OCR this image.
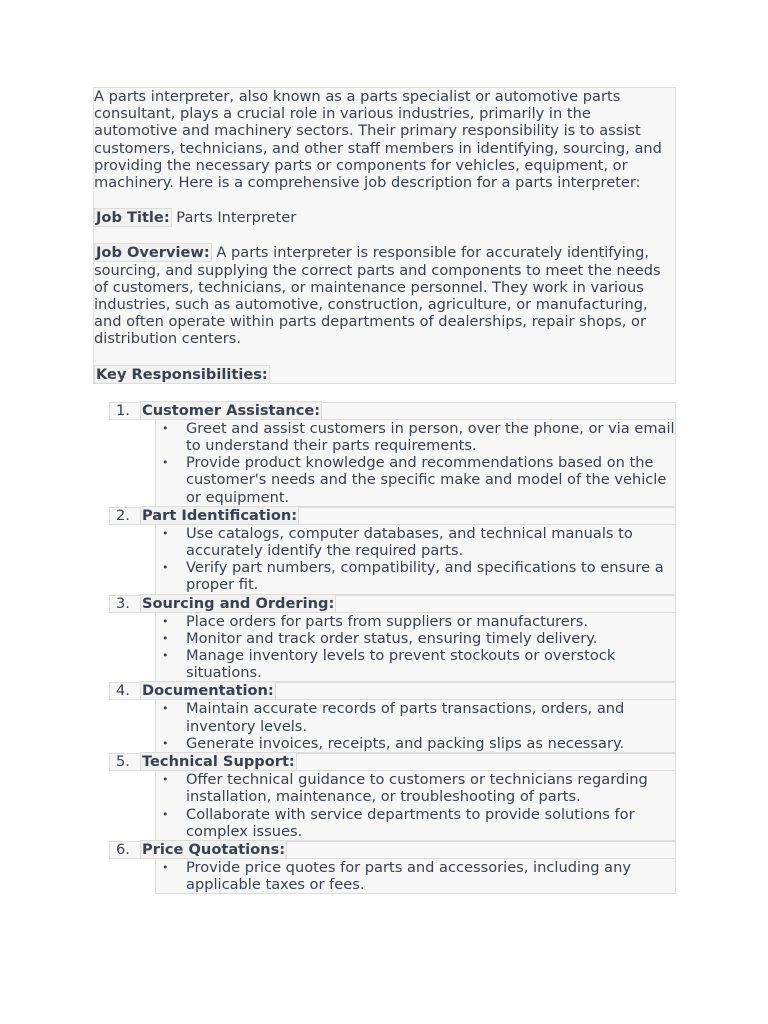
A parts interpreter, also known as a parts specialist or automotive parts consultant, plays a crucial role in various industries, primarily in the automotive and machinery sectors. Their primary responsibility is to assist customers, technicians, and other staff members in identifying, sourcing, and providing the necessary parts or components for vehicles, equipment, or machinery. Here is a comprehensive job description for a parts interpreter:

Job Title: Parts Interpreter

Job Overview: A parts interpreter is responsible for accurately identifying, sourcing, and supplying the correct parts and components to meet the needs of customers, technicians, or maintenance personnel. They work in various industries, such as automotive, construction, agriculture, or manufacturing, and often operate within parts departments of dealerships, repair shops, or distribution centers.

Key Responsibilities:

1. Customer Assistance:
• Greet and assist customers in person, over the phone, or via email to understand their parts requirements.
• Provide product knowledge and recommendations based on the customer's needs and the specific make and model of the vehicle or equipment.
2. Part Identification:
• Use catalogs, computer databases, and technical manuals to accurately identify the required parts.
• Verify part numbers, compatibility, and specifications to ensure a proper fit.
3. Sourcing and Ordering:
• Place orders for parts from suppliers or manufacturers.
• Monitor and track order status, ensuring timely delivery.
• Manage inventory levels to prevent stockouts or overstock situations.
4. Documentation:
• Maintain accurate records of parts transactions, orders, and inventory levels.
• Generate invoices, receipts, and packing slips as necessary.
5. Technical Support:
• Offer technical guidance to customers or technicians regarding installation, maintenance, or troubleshooting of parts.
• Collaborate with service departments to provide solutions for complex issues.
6. Price Quotations:
• Provide price quotes for parts and accessories, including any applicable taxes or fees.
